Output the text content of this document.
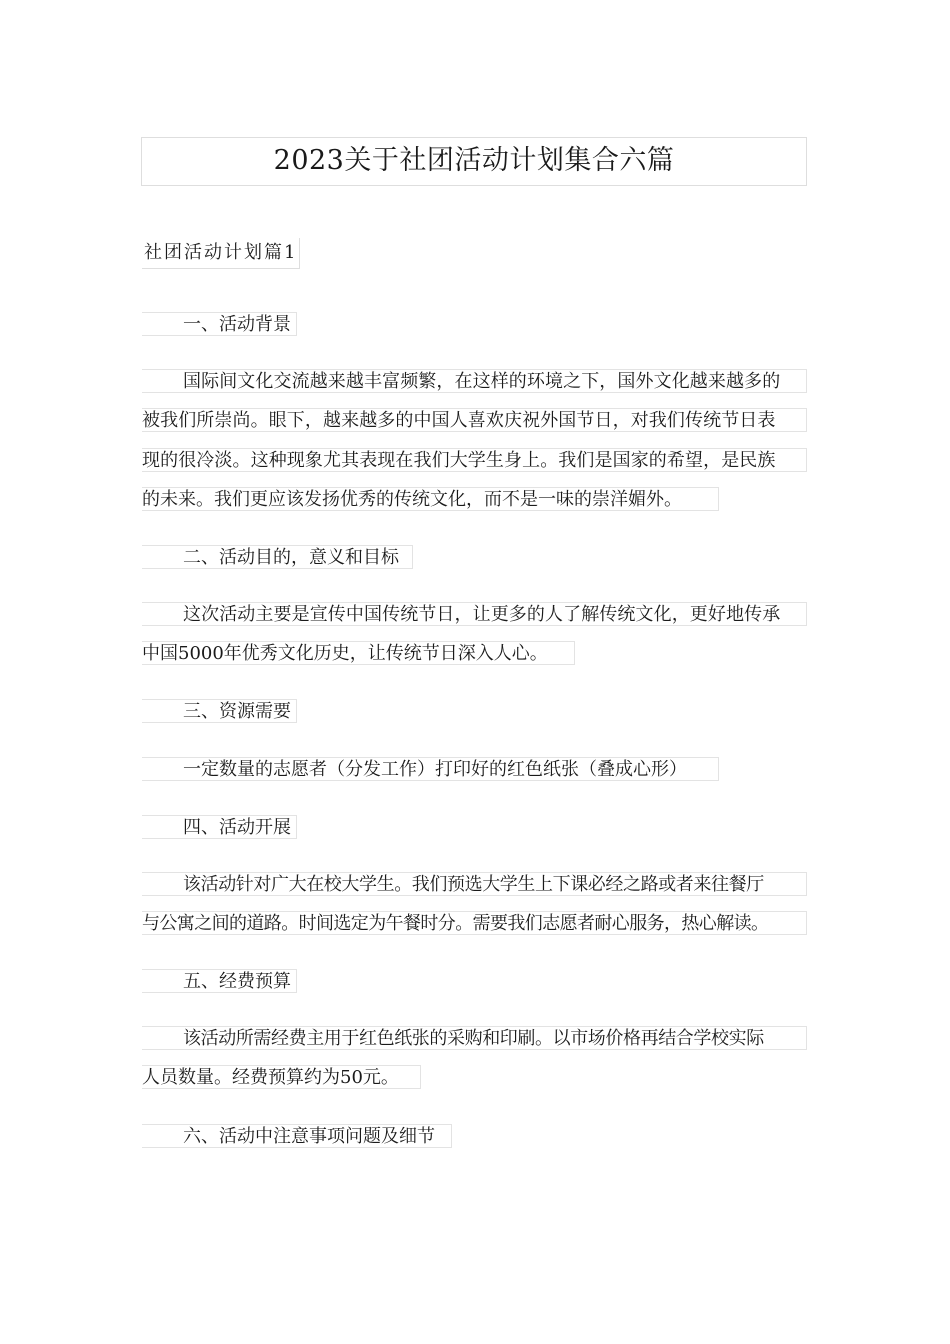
2023关于社团活动计划集合六篇
社团活动计划篇1
一、活动背景
国际间文化交流越来越丰富频繁，在这样的环境之下，国外文化越来越多的
被我们所崇尚。眼下，越来越多的中国人喜欢庆祝外国节日，对我们传统节日表
现的很冷淡。这种现象尤其表现在我们大学生身上。我们是国家的希望，是民族
的未来。我们更应该发扬优秀的传统文化，而不是一味的崇洋媚外。
二、活动目的，意义和目标
这次活动主要是宣传中国传统节日，让更多的人了解传统文化，更好地传承
中国5000年优秀文化历史，让传统节日深入人心。
三、资源需要
一定数量的志愿者（分发工作）打印好的红色纸张（叠成心形）
四、活动开展
该活动针对广大在校大学生。我们预选大学生上下课必经之路或者来往餐厅
与公寓之间的道路。时间选定为午餐时分。需要我们志愿者耐心服务，热心解读。
五、经费预算
该活动所需经费主用于红色纸张的采购和印刷。以市场价格再结合学校实际
人员数量。经费预算约为50元。
六、活动中注意事项问题及细节
